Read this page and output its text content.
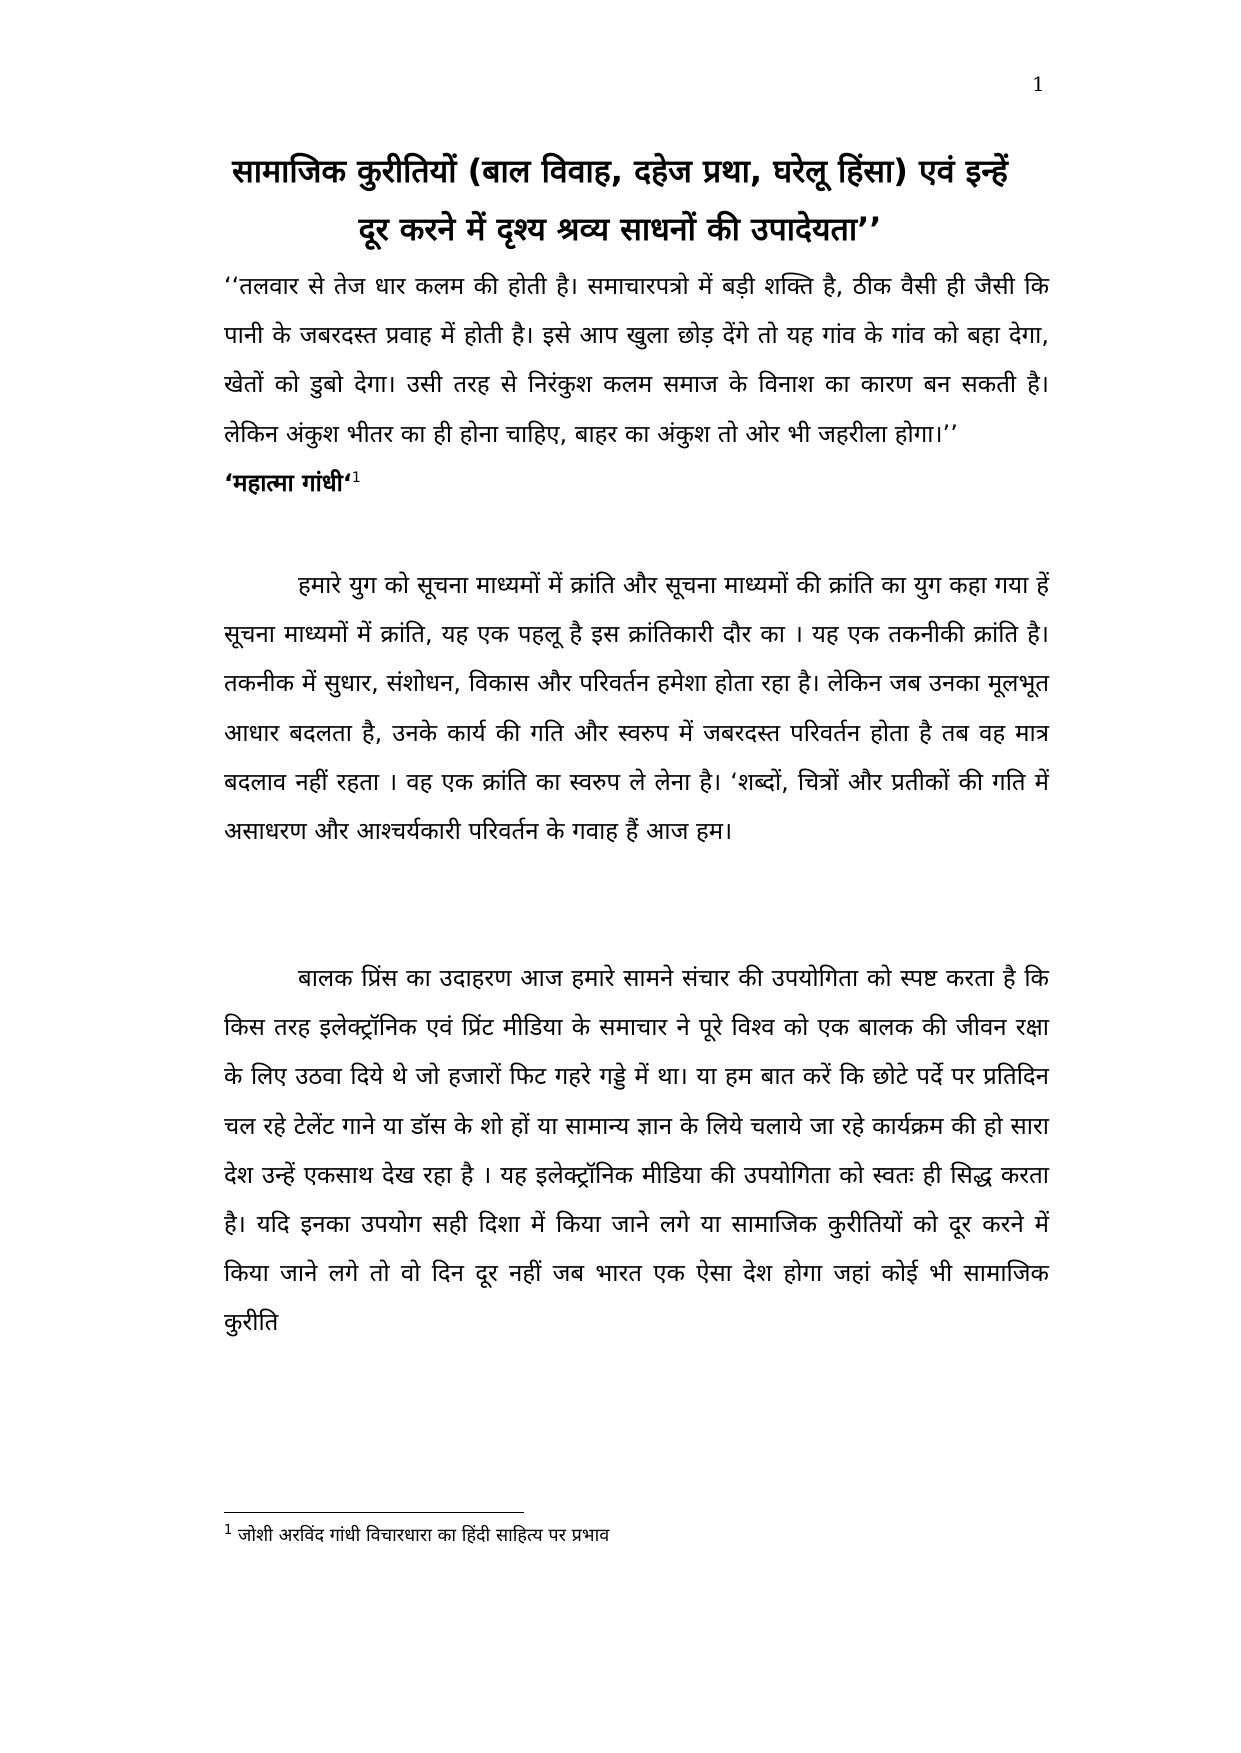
1
सामाजिक कुरीतियों (बाल विवाह, दहेज प्रथा, घरेलू हिंसा) एवं इन्हें
दूर करने में दृश्य श्रव्य साधनों की उपादेयता’’
‘‘तलवार से तेज धार कलम की होती है। समाचारपत्रो में बड़ी शक्ति है, ठीक वैसी ही जैसी कि पानी के जबरदस्त प्रवाह में होती है। इसे आप खुला छोड़ देंगे तो यह गांव के गांव को बहा देगा, खेतों को डुबो देगा। उसी तरह से निरंकुश कलम समाज के विनाश का कारण बन सकती है। लेकिन अंकुश भीतर का ही होना चाहिए, बाहर का अंकुश तो ओर भी जहरीला होगा।’’
‘महात्मा गांधी‘$^1$
हमारे युग को सूचना माध्यमों में क्रांति और सूचना माध्यमों की क्रांति का युग कहा गया हें सूचना माध्यमों में क्रांति, यह एक पहलू है इस क्रांतिकारी दौर का । यह एक तकनीकी क्रांति है। तकनीक में सुधार, संशोधन, विकास और परिवर्तन हमेशा होता रहा है। लेकिन जब उनका मूलभूत आधार बदलता है, उनके कार्य की गति और स्वरुप में जबरदस्त परिवर्तन होता है तब वह मात्र बदलाव नहीं रहता । वह एक क्रांति का स्वरुप ले लेना है। ‘शब्दों, चित्रों और प्रतीकों की गति में असाधरण और आश्चर्यकारी परिवर्तन के गवाह हैं आज हम।
बालक प्रिंस का उदाहरण आज हमारे सामने संचार की उपयोगिता को स्पष्ट करता है कि किस तरह इलेक्ट्रॉनिक एवं प्रिंट मीडिया के समाचार ने पूरे विश्व को एक बालक की जीवन रक्षा के लिए उठवा दिये थे जो हजारों फिट गहरे गड्डे में था। या हम बात करें कि छोटे पर्दे पर प्रतिदिन चल रहे टेलेंट गाने या डॉस के शो हों या सामान्य ज्ञान के लिये चलाये जा रहे कार्यक्रम की हो सारा देश उन्हें एकसाथ देख रहा है । यह इलेक्ट्रॉनिक मीडिया की उपयोगिता को स्वतः ही सिद्ध करता है। यदि इनका उपयोग सही दिशा में किया जाने लगे या सामाजिक कुरीतियों को दूर करने में किया जाने लगे तो वो दिन दूर नहीं जब भारत एक ऐसा देश होगा जहां कोई भी सामाजिक कुरीति
$^1$ जोशी अरविंद गांधी विचारधारा का हिंदी साहित्य पर प्रभाव
